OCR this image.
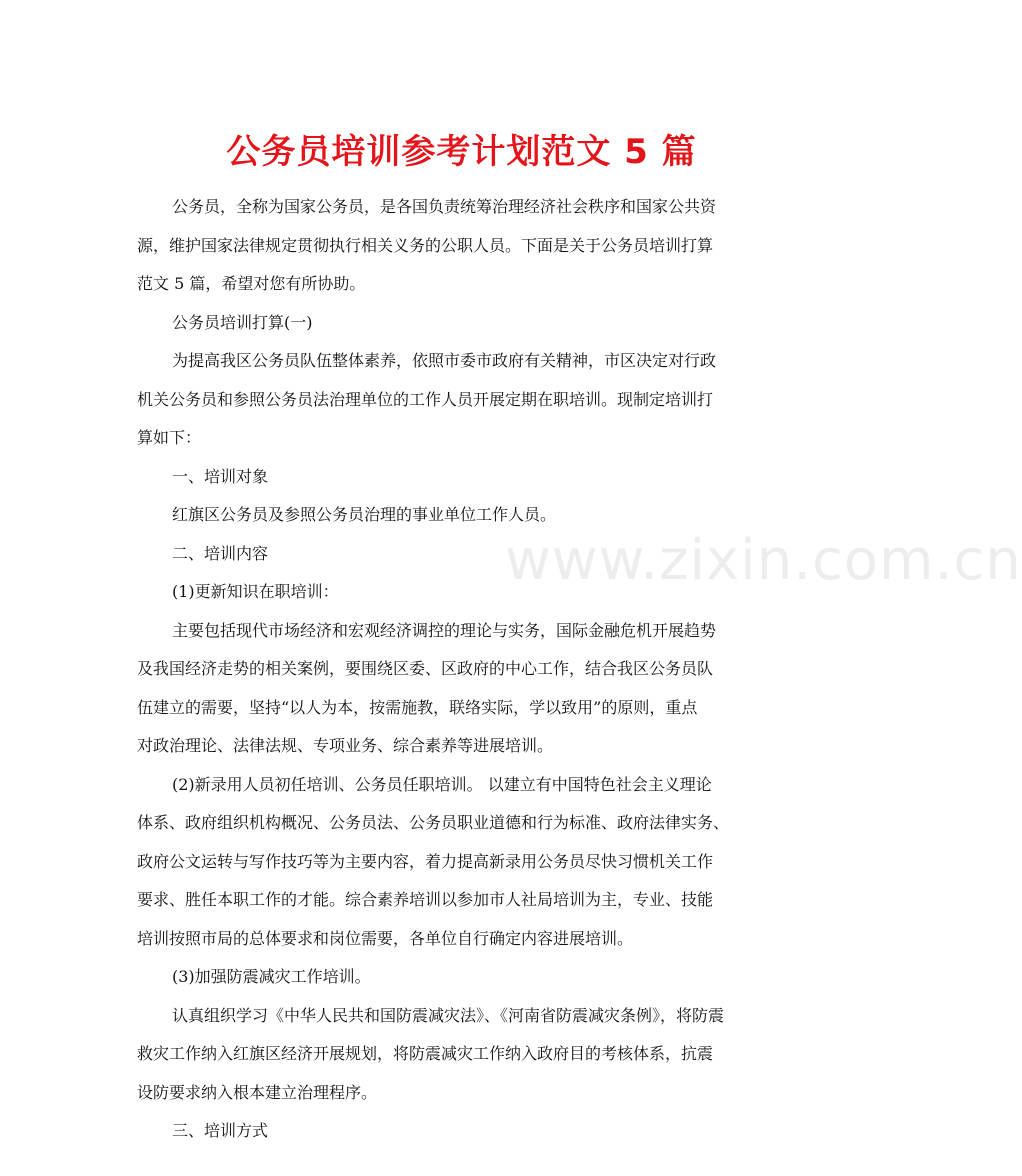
www.zixin.com.cn
公务员培训参考计划范文 5 篇

公务员，全称为国家公务员，是各国负责统筹治理经济社会秩序和国家公共资

源，维护国家法律规定贯彻执行相关义务的公职人员。下面是关于公务员培训打算

范文 5 篇，希望对您有所协助。

公务员培训打算(一)

为提高我区公务员队伍整体素养，依照市委市政府有关精神，市区决定对行政

机关公务员和参照公务员法治理单位的工作人员开展定期在职培训。现制定培训打

算如下：

一、培训对象

红旗区公务员及参照公务员治理的事业单位工作人员。

二、培训内容

(1)更新知识在职培训：

主要包括现代市场经济和宏观经济调控的理论与实务，国际金融危机开展趋势

及我国经济走势的相关案例，要围绕区委、区政府的中心工作，结合我区公务员队

伍建立的需要，坚持“以人为本，按需施教，联络实际，学以致用”的原则，重点

对政治理论、法律法规、专项业务、综合素养等进展培训。

(2)新录用人员初任培训、公务员任职培训。 以建立有中国特色社会主义理论

体系、政府组织机构概况、公务员法、公务员职业道德和行为标准、政府法律实务、

政府公文运转与写作技巧等为主要内容，着力提高新录用公务员尽快习惯机关工作

要求、胜任本职工作的才能。综合素养培训以参加市人社局培训为主，专业、技能

培训按照市局的总体要求和岗位需要，各单位自行确定内容进展培训。

(3)加强防震减灾工作培训。

认真组织学习《中华人民共和国防震减灾法》、《河南省防震减灾条例》，将防震

救灾工作纳入红旗区经济开展规划，将防震减灾工作纳入政府目的考核体系，抗震

设防要求纳入根本建立治理程序。

三、培训方式
